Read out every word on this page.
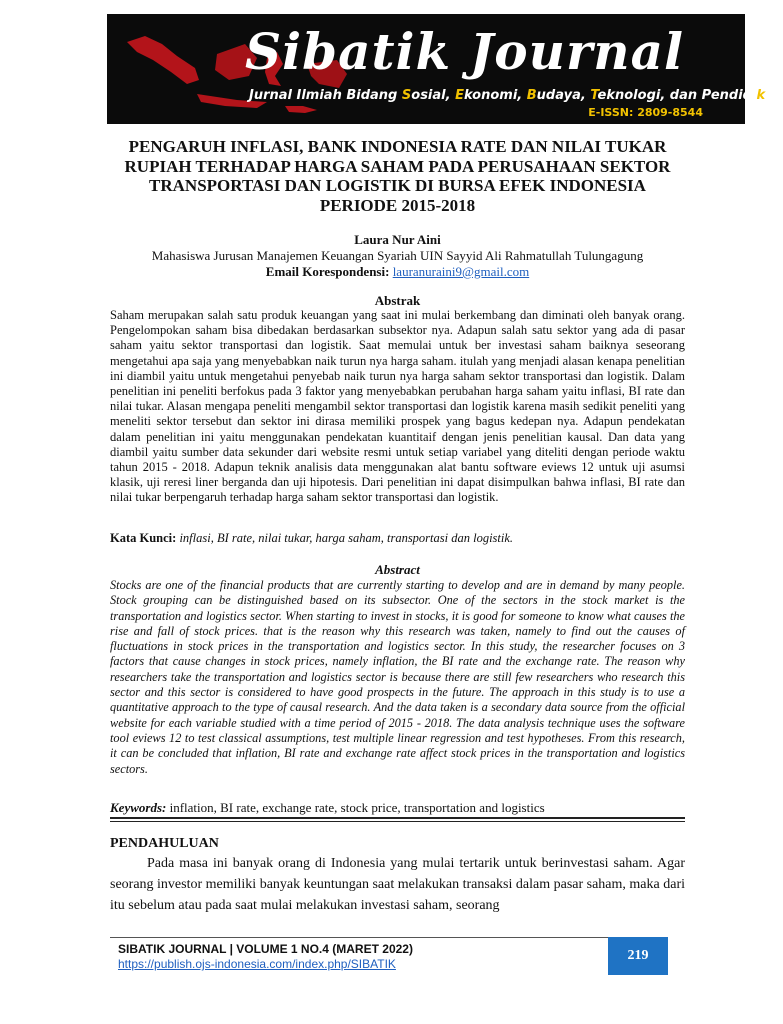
Sibatik Journal
Jurnal Ilmiah Bidang Sosial, Ekonomi, Budaya, Teknologi, dan Pendidikan
E-ISSN: 2809-8544
PENGARUH INFLASI, BANK INDONESIA RATE DAN NILAI TUKAR RUPIAH TERHADAP HARGA SAHAM PADA PERUSAHAAN SEKTOR TRANSPORTASI DAN LOGISTIK DI BURSA EFEK INDONESIA PERIODE 2015-2018
Laura Nur Aini
Mahasiswa Jurusan Manajemen Keuangan Syariah UIN Sayyid Ali Rahmatullah Tulungagung
Email Korespondensi: lauranuraini9@gmail.com
Abstrak

Saham merupakan salah satu produk keuangan yang saat ini mulai berkembang dan diminati oleh banyak orang. Pengelompokan saham bisa dibedakan berdasarkan subsektor nya. Adapun salah satu sektor yang ada di pasar saham yaitu sektor transportasi dan logistik. Saat memulai untuk ber investasi saham baiknya seseorang mengetahui apa saja yang menyebabkan naik turun nya harga saham. itulah yang menjadi alasan kenapa penelitian ini diambil yaitu untuk mengetahui penyebab naik turun nya harga saham sektor transportasi dan logistik. Dalam penelitian ini peneliti berfokus pada 3 faktor yang menyebabkan perubahan harga saham yaitu inflasi, BI rate dan nilai tukar. Alasan mengapa peneliti mengambil sektor transportasi dan logistik karena masih sedikit peneliti yang meneliti sektor tersebut dan sektor ini dirasa memiliki prospek yang bagus kedepan nya. Adapun pendekatan dalam penelitian ini yaitu menggunakan pendekatan kuantitaif dengan jenis penelitian kausal. Dan data yang diambil yaitu sumber data sekunder dari website resmi untuk setiap variabel yang diteliti dengan periode waktu tahun 2015 - 2018. Adapun teknik analisis data menggunakan alat bantu software eviews 12 untuk uji asumsi klasik, uji reresi liner berganda dan uji hipotesis. Dari penelitian ini dapat disimpulkan bahwa inflasi, BI rate dan nilai tukar berpengaruh terhadap harga saham sektor transportasi dan logistik.

Kata Kunci: inflasi, BI rate, nilai tukar, harga saham, transportasi dan logistik.
Abstract

Stocks are one of the financial products that are currently starting to develop and are in demand by many people. Stock grouping can be distinguished based on its subsector. One of the sectors in the stock market is the transportation and logistics sector. When starting to invest in stocks, it is good for someone to know what causes the rise and fall of stock prices. that is the reason why this research was taken, namely to find out the causes of fluctuations in stock prices in the transportation and logistics sector. In this study, the researcher focuses on 3 factors that cause changes in stock prices, namely inflation, the BI rate and the exchange rate. The reason why researchers take the transportation and logistics sector is because there are still few researchers who research this sector and this sector is considered to have good prospects in the future. The approach in this study is to use a quantitative approach to the type of causal research. And the data taken is a secondary data source from the official website for each variable studied with a time period of 2015 - 2018. The data analysis technique uses the software tool eviews 12 to test classical assumptions, test multiple linear regression and test hypotheses. From this research, it can be concluded that inflation, BI rate and exchange rate affect stock prices in the transportation and logistics sectors.

Keywords: inflation, BI rate, exchange rate, stock price, transportation and logistics
PENDAHULUAN

Pada masa ini banyak orang di Indonesia yang mulai tertarik untuk berinvestasi saham. Agar seorang investor memiliki banyak keuntungan saat melakukan transaksi dalam pasar saham, maka dari itu sebelum atau pada saat mulai melakukan investasi saham, seorang

SIBATIK JOURNAL | VOLUME 1 NO.4 (MARET 2022)
https://publish.ojs-indonesia.com/index.php/SIBATIK
219
